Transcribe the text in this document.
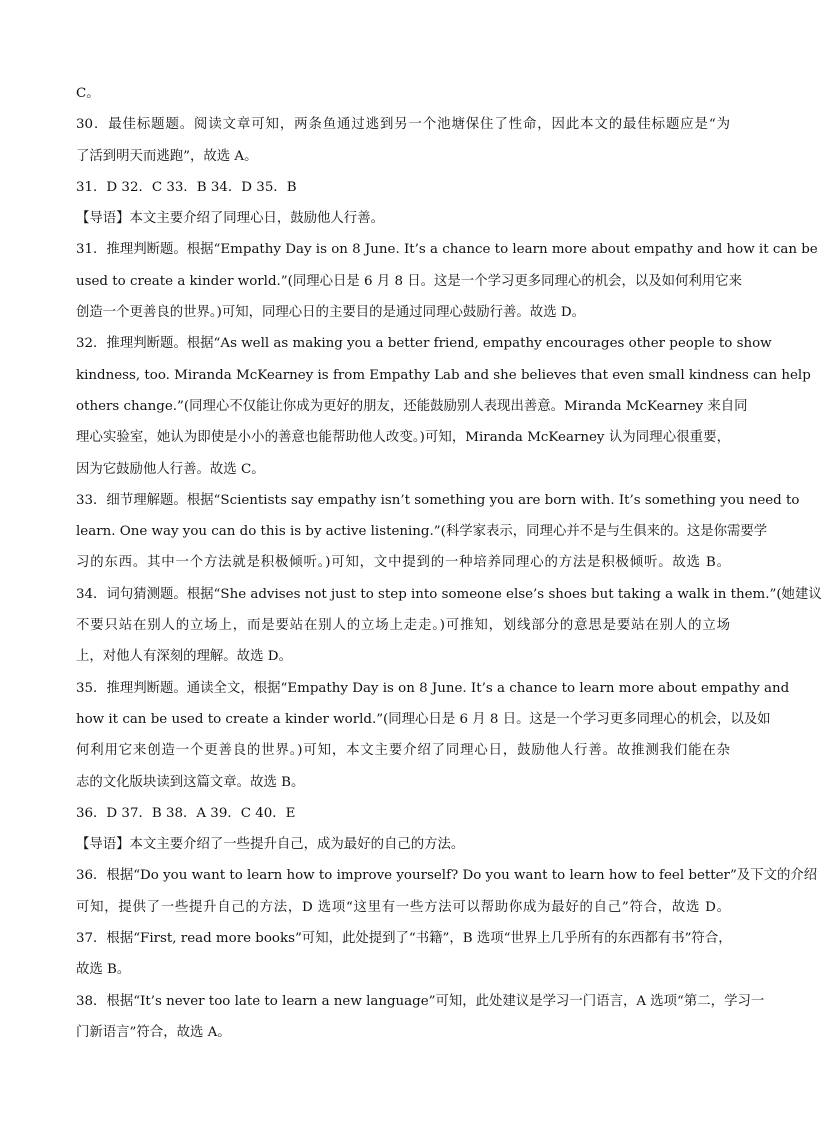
C。
30．最佳标题题。阅读文章可知，两条鱼通过逃到另一个池塘保住了性命，因此本文的最佳标题应是“为
了活到明天而逃跑”，故选 A。
31．D 32．C 33．B 34．D 35．B
【导语】本文主要介绍了同理心日，鼓励他人行善。
31．推理判断题。根据“Empathy Day is on 8 June. It’s a chance to learn more about empathy and how it can be
used to create a kinder world.”(同理心日是 6 月 8 日。这是一个学习更多同理心的机会，以及如何利用它来
创造一个更善良的世界。)可知，同理心日的主要目的是通过同理心鼓励行善。故选 D。
32．推理判断题。根据“As well as making you a better friend, empathy encourages other people to show
kindness, too. Miranda McKearney is from Empathy Lab and she believes that even small kindness can help
others change.”(同理心不仅能让你成为更好的朋友，还能鼓励别人表现出善意。Miranda McKearney 来自同
理心实验室，她认为即使是小小的善意也能帮助他人改变。)可知，Miranda McKearney 认为同理心很重要，
因为它鼓励他人行善。故选 C。
33．细节理解题。根据“Scientists say empathy isn’t something you are born with. It’s something you need to
learn. One way you can do this is by active listening.”(科学家表示，同理心并不是与生俱来的。这是你需要学
习的东西。其中一个方法就是积极倾听。)可知，文中提到的一种培养同理心的方法是积极倾听。故选 B。
34．词句猜测题。根据“She advises not just to step into someone else’s shoes but taking a walk in them.”(她建议
不要只站在别人的立场上，而是要站在别人的立场上走走。)可推知，划线部分的意思是要站在别人的立场
上，对他人有深刻的理解。故选 D。
35．推理判断题。通读全文，根据“Empathy Day is on 8 June. It’s a chance to learn more about empathy and
how it can be used to create a kinder world.”(同理心日是 6 月 8 日。这是一个学习更多同理心的机会，以及如
何利用它来创造一个更善良的世界。)可知，本文主要介绍了同理心日，鼓励他人行善。故推测我们能在杂
志的文化版块读到这篇文章。故选 B。
36．D 37．B 38．A 39．C 40．E
【导语】本文主要介绍了一些提升自己，成为最好的自己的方法。
36．根据“Do you want to learn how to improve yourself? Do you want to learn how to feel better”及下文的介绍
可知，提供了一些提升自己的方法，D 选项“这里有一些方法可以帮助你成为最好的自己”符合，故选 D。
37．根据“First, read more books”可知，此处提到了“书籍”，B 选项“世界上几乎所有的东西都有书”符合，
故选 B。
38．根据“It’s never too late to learn a new language”可知，此处建议是学习一门语言，A 选项“第二，学习一
门新语言”符合，故选 A。
